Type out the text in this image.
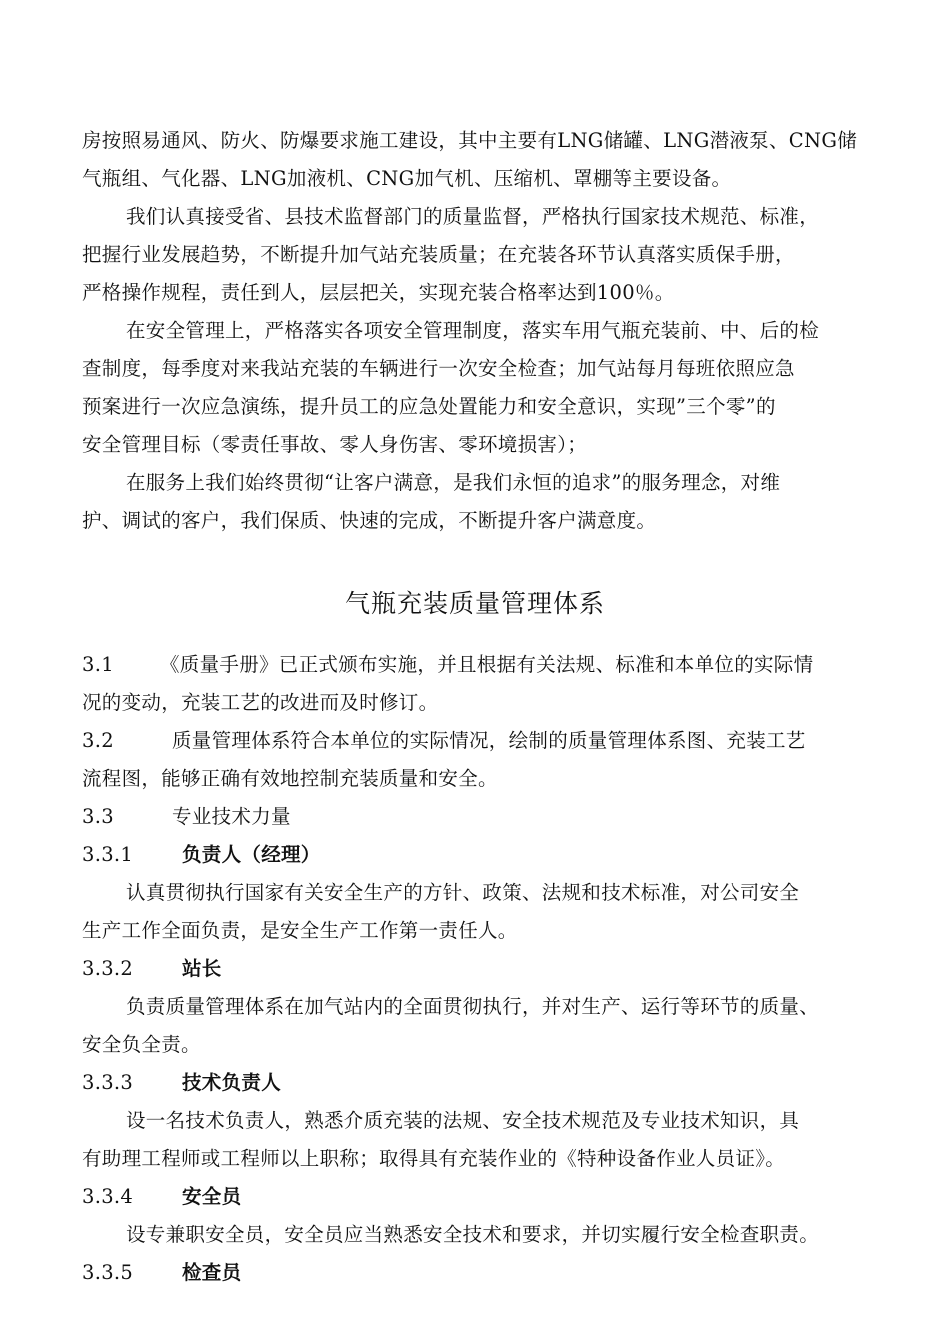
房按照易通风、防火、防爆要求施工建设，其中主要有LNG储罐、LNG潜液泵、CNG储
气瓶组、气化器、LNG加液机、CNG加气机、压缩机、罩棚等主要设备。
我们认真接受省、县技术监督部门的质量监督，严格执行国家技术规范、标准，
把握行业发展趋势，不断提升加气站充装质量；在充装各环节认真落实质保手册，
严格操作规程，责任到人，层层把关，实现充装合格率达到100％。
在安全管理上，严格落实各项安全管理制度，落实车用气瓶充装前、中、后的检
查制度，每季度对来我站充装的车辆进行一次安全检查；加气站每月每班依照应急
预案进行一次应急演练，提升员工的应急处置能力和安全意识，实现”三个零”的
安全管理目标（零责任事故、零人身伤害、零环境损害）；
在服务上我们始终贯彻“让客户满意，是我们永恒的追求”的服务理念，对维
护、调试的客户，我们保质、快速的完成，不断提升客户满意度。
气瓶充装质量管理体系
3.1 《质量手册》已正式颁布实施，并且根据有关法规、标准和本单位的实际情
况的变动，充装工艺的改进而及时修订。
3.2	质量管理体系符合本单位的实际情况，绘制的质量管理体系图、充装工艺
流程图，能够正确有效地控制充装质量和安全。
3.3	专业技术力量
3.3.1	负责人（经理）
认真贯彻执行国家有关安全生产的方针、政策、法规和技术标准，对公司安全
生产工作全面负责，是安全生产工作第一责任人。
3.3.2	站长
负责质量管理体系在加气站内的全面贯彻执行，并对生产、运行等环节的质量、
安全负全责。
3.3.3	技术负责人
设一名技术负责人，熟悉介质充装的法规、安全技术规范及专业技术知识，具
有助理工程师或工程师以上职称；取得具有充装作业的《特种设备作业人员证》。
3.3.4	安全员
设专兼职安全员，安全员应当熟悉安全技术和要求，并切实履行安全检查职责。
3.3.5	检查员
